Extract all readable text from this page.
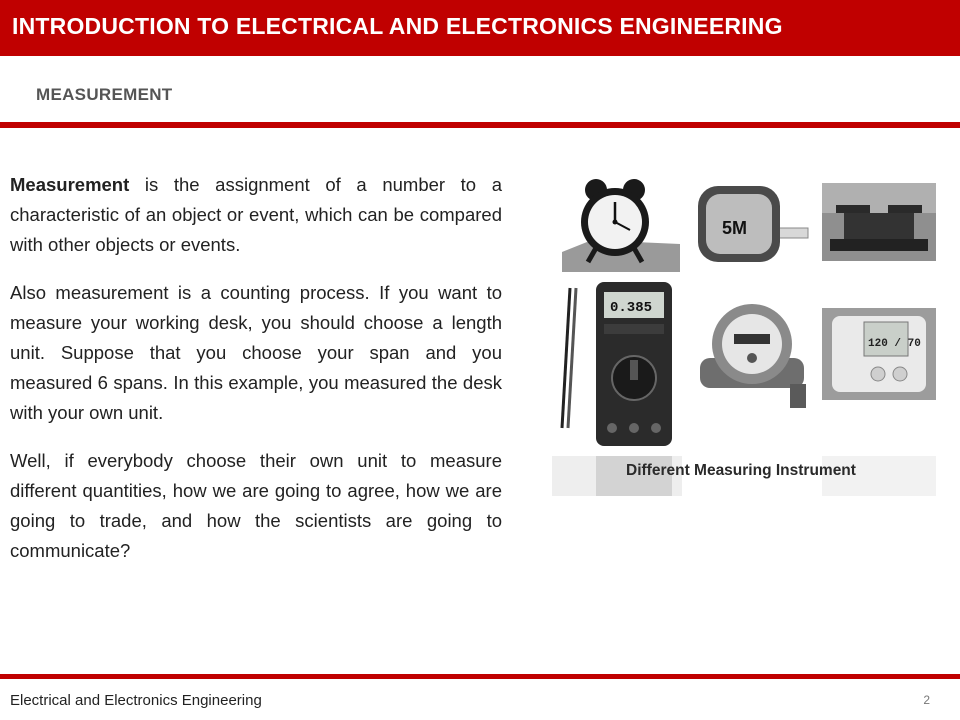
INTRODUCTION TO ELECTRICAL AND ELECTRONICS ENGINEERING
MEASUREMENT

Measurement is the assignment of a number to a characteristic of an object or event, which can be compared with other objects or events.

Also measurement is a counting process. If you want to measure your working desk, you should choose a length unit. Suppose that you choose your span and you measured 6 spans. In this example, you measured the desk with your own unit.

Well, if everybody choose their own unit to measure different quantities, how we are going to agree, how we are going to trade, and how the scientists are going to communicate?

5M
0.385
120 / 70
Different Measuring Instrument
Electrical and Electronics Engineering	2
